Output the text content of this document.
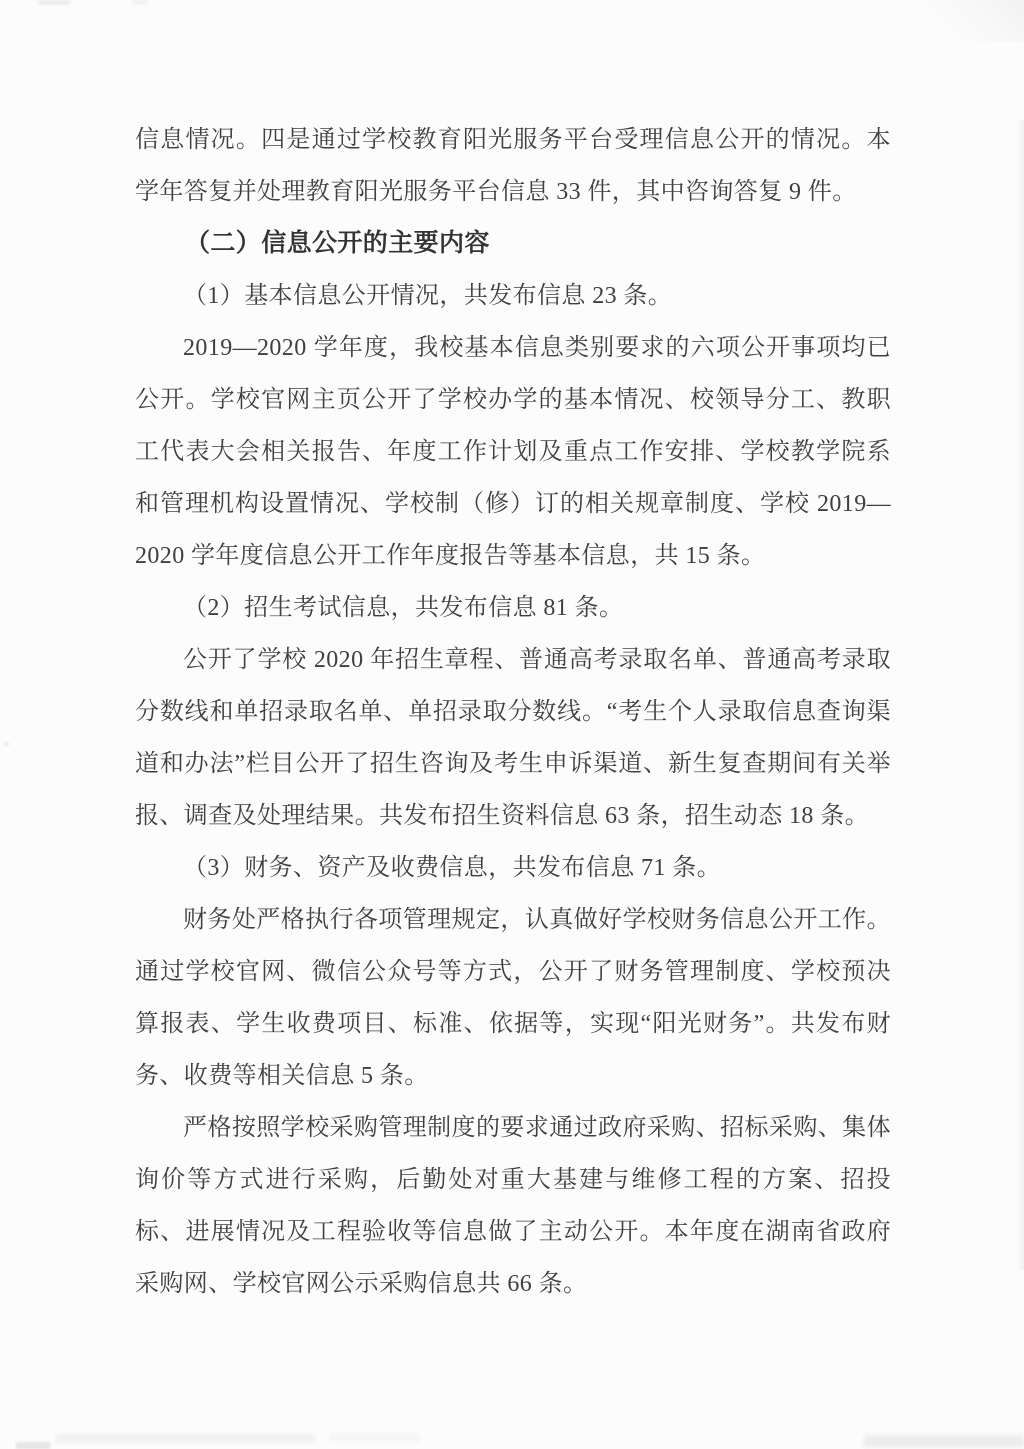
信息情况。四是通过学校教育阳光服务平台受理信息公开的情况。本学年答复并处理教育阳光服务平台信息 33 件，其中咨询答复 9 件。

（二）信息公开的主要内容

（1）基本信息公开情况，共发布信息 23 条。

2019—2020 学年度，我校基本信息类别要求的六项公开事项均已公开。学校官网主页公开了学校办学的基本情况、校领导分工、教职工代表大会相关报告、年度工作计划及重点工作安排、学校教学院系和管理机构设置情况、学校制（修）订的相关规章制度、学校 2019—2020 学年度信息公开工作年度报告等基本信息，共 15 条。

（2）招生考试信息，共发布信息 81 条。

公开了学校 2020 年招生章程、普通高考录取名单、普通高考录取分数线和单招录取名单、单招录取分数线。“考生个人录取信息查询渠道和办法”栏目公开了招生咨询及考生申诉渠道、新生复查期间有关举报、调查及处理结果。共发布招生资料信息 63 条，招生动态 18 条。

（3）财务、资产及收费信息，共发布信息 71 条。

财务处严格执行各项管理规定，认真做好学校财务信息公开工作。通过学校官网、微信公众号等方式，公开了财务管理制度、学校预决算报表、学生收费项目、标准、依据等，实现“阳光财务”。共发布财务、收费等相关信息 5 条。

严格按照学校采购管理制度的要求通过政府采购、招标采购、集体询价等方式进行采购，后勤处对重大基建与维修工程的方案、招投标、进展情况及工程验收等信息做了主动公开。本年度在湖南省政府采购网、学校官网公示采购信息共 66 条。
